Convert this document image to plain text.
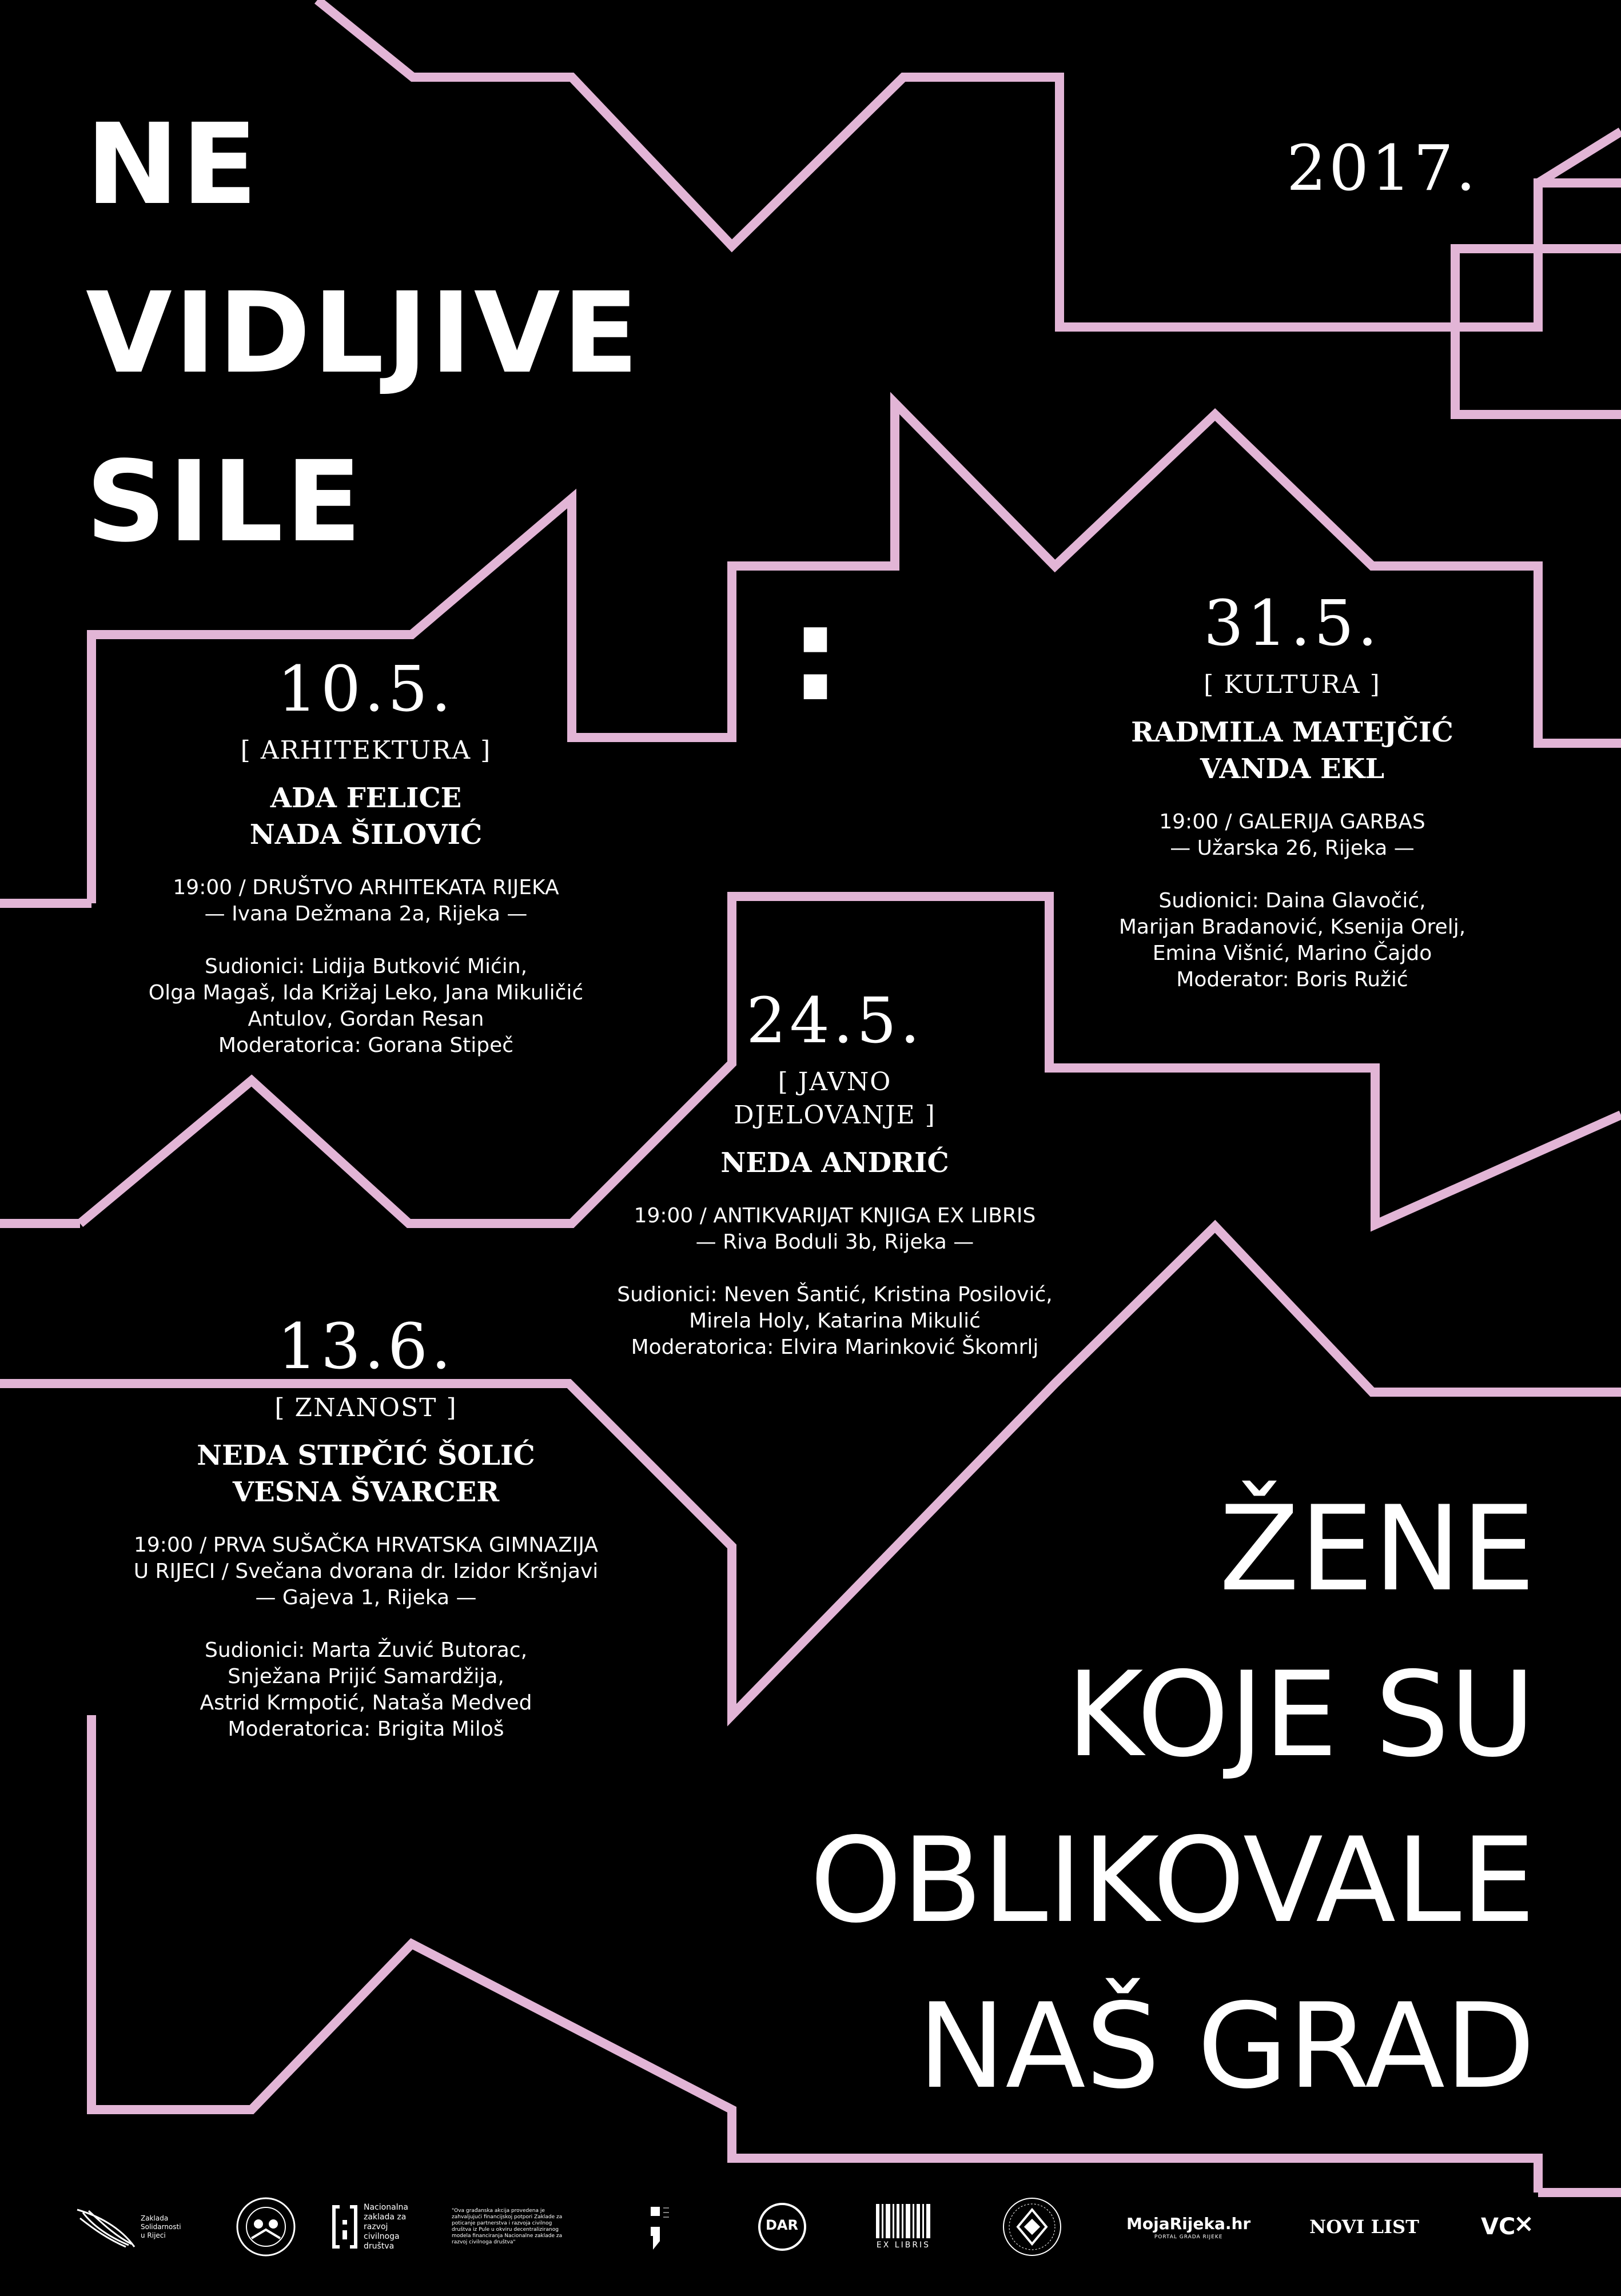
NE
VIDLJIVE
SILE
2017.
:
10.5.
[ ARHITEKTURA ]
ADA FELICE
NADA ŠILOVIĆ
19:00 / DRUŠTVO ARHITEKATA RIJEKA
— Ivana Dežmana 2a, Rijeka —
Sudionici: Lidija Butković Mićin,
Olga Magaš, Ida Križaj Leko, Jana Mikuličić
Antulov, Gordan Resan
Moderatorica: Gorana Stipeč
31.5.
[ KULTURA ]
RADMILA MATEJČIĆ
VANDA EKL
19:00 / GALERIJA GARBAS
— Užarska 26, Rijeka —
Sudionici: Daina Glavočić,
Marijan Bradanović, Ksenija Orelj,
Emina Višnić, Marino Čajdo
Moderator: Boris Ružić
24.5.
[ JAVNO
DJELOVANJE ]
NEDA ANDRIĆ
19:00 / ANTIKVARIJAT KNJIGA EX LIBRIS
— Riva Boduli 3b, Rijeka —
Sudionici: Neven Šantić, Kristina Posilović,
Mirela Holy, Katarina Mikulić
Moderatorica: Elvira Marinković Škomrlj
13.6.
[ ZNANOST ]
NEDA STIPČIĆ ŠOLIĆ
VESNA ŠVARCER
19:00 / PRVA SUŠAČKA HRVATSKA GIMNAZIJA
U RIJECI / Svečana dvorana dr. Izidor Kršnjavi
— Gajeva 1, Rijeka —
Sudionici: Marta Žuvić Butorac,
Snježana Prijić Samardžija,
Astrid Krmpotić, Nataša Medved
Moderatorica: Brigita Miloš
ŽENE
KOJE SU
OBLIKOVALE
NAŠ GRAD
Zaklada
Solidarnosti
u Rijeci
Nacionalna
zaklada za
razvoj
civilnoga
društva
"Ova građanska akcija provedena je zahvaljujući financijskoj potpori Zaklade za poticanje partnerstva i razvoja civilnog društva iz Pule u okviru decentraliziranog modela financiranja Nacionalne zaklade za razvoj civilnoga društva"
DAR
EX LIBRIS
MojaRijeka.hr
PORTAL GRADA RIJEKE	NOVI LIST	VC
